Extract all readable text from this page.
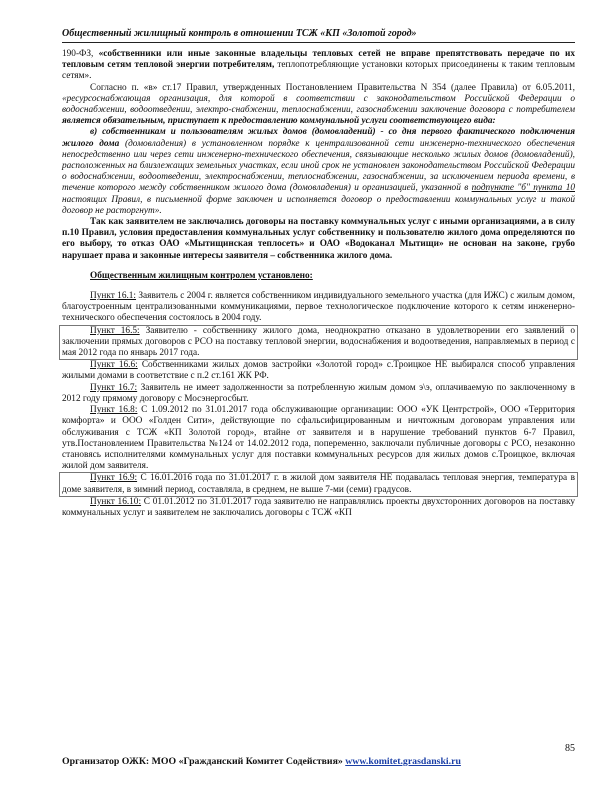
Общественный жилищный контроль в отношении ТСЖ «КП «Золотой город»

190-ФЗ, «собственники или иные законные владельцы тепловых сетей не вправе препятствовать передаче по их тепловым сетям тепловой энергии потребителям, теплопотребляющие установки которых присоединены к таким тепловым сетям».

Согласно п. «в» ст.17 Правил, утвержденных Постановлением Правительства N 354 (далее Правила) от 6.05.2011, «ресурсоснабжающая организация, для которой в соответствии с законодательством Российской Федерации о водоснабжении, водоотведении, электро-снабжении, теплоснабжении, газоснабжении заключение договора с потребителем является обязательным, приступает к предоставлению коммунальной услуги соответствующего вида:

в) собственникам и пользователям жилых домов (домовладений) - со дня первого фактического подключения жилого дома (домовладения) в установленном порядке к централизованной сети инженерно-технического обеспечения непосредственно или через сети инженерно-технического обеспечения, связывающие несколько жилых домов (домовладений), расположенных на близлежащих земельных участках, если иной срок не установлен законодательством Российской Федерации о водоснабжении, водоотведении, электроснабжении, теплоснабжении, газоснабжении, за исключением периода времени, в течение которого между собственником жилого дома (домовладения) и организацией, указанной в подпункте "б" пункта 10 настоящих Правил, в письменной форме заключен и исполняется договор о предоставлении коммунальных услуг и такой договор не расторгнут».

Так как заявителем не заключались договоры на поставку коммунальных услуг с иными организациями, а в силу п.10 Правил, условия предоставления коммунальных услуг собственнику и пользователю жилого дома определяются по его выбору, то отказ ОАО «Мытищинская теплосеть» и ОАО «Водоканал Мытищи» не основан на законе, грубо нарушает права и законные интересы заявителя – собственника жилого дома.

Общественным жилищным контролем установлено:

Пункт 16.1: Заявитель с 2004 г. является собственником индивидуального земельного участка (для ИЖС) с жилым домом, благоустроенным централизованными коммуникациями, первое технологическое подключение которого к сетям инженерно-технического обеспечения состоялось в 2004 году.

Пункт 16.5: Заявителю - собственнику жилого дома, неоднократно отказано в удовлетворении его заявлений о заключении прямых договоров с РСО на поставку тепловой энергии, водоснабжения и водоотведения, направляемых в период с мая 2012 года по январь 2017 года.

Пункт 16.6: Собственниками жилых домов застройки «Золотой город» с.Троицкое НЕ выбирался способ управления жилыми домами в соответствие с п.2 ст.161 ЖК РФ.

Пункт 16.7: Заявитель не имеет задолженности за потребленную жилым домом э\э, оплачиваемую по заключенному в 2012 году прямому договору с Мосэнергосбыт.

Пункт 16.8: С 1.09.2012 по 31.01.2017 года обслуживающие организации: ООО «УК Центрстрой», ООО «Территория комфорта» и ООО «Голден Сити», действующие по сфальсифицированным и ничтожным договорам управления или обслуживания с ТСЖ «КП Золотой город», втайне от заявителя и в нарушение требований пунктов 6-7 Правил, утв.Постановлением Правительства №124 от 14.02.2012 года, попеременно, заключали публичные договоры с РСО, незаконно становясь исполнителями коммунальных услуг для поставки коммунальных ресурсов для жилых домов с.Троицкое, включая жилой дом заявителя.

Пункт 16.9: С 16.01.2016 года по 31.01.2017 г. в жилой дом заявителя НЕ подавалась тепловая энергия, температура в доме заявителя, в зимний период, составляла, в среднем, не выше 7-ми (семи) градусов.

Пункт 16.10: С 01.01.2012 по 31.01.2017 года заявителю не направлялись проекты двухсторонних договоров на поставку коммунальных услуг и заявителем не заключались договоры с ТСЖ «КП

85
Организатор ОЖК: МОО «Гражданский Комитет Содействия» www.komitet.grasdanski.ru
